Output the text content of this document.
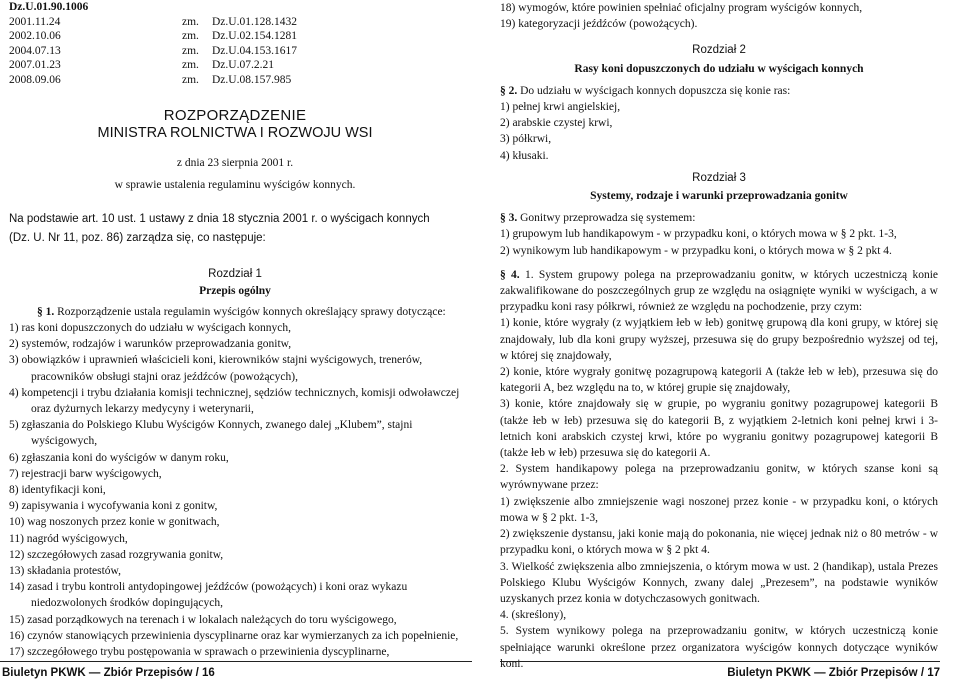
Dz.U.01.90.1006
2001.11.24	zm.	Dz.U.01.128.1432
2002.10.06	zm.	Dz.U.02.154.1281
2004.07.13	zm.	Dz.U.04.153.1617
2007.01.23	zm.	Dz.U.07.2.21
2008.09.06	zm.	Dz.U.08.157.985
ROZPORZĄDZENIE
MINISTRA ROLNICTWA I ROZWOJU WSI
z dnia 23 sierpnia 2001 r.
w sprawie ustalenia regulaminu wyścigów konnych.
Na podstawie art. 10 ust. 1 ustawy z dnia 18 stycznia 2001 r. o wyścigach konnych
(Dz. U. Nr 11, poz. 86) zarządza się, co następuje:
Rozdział 1
Przepis ogólny
§ 1. Rozporządzenie ustala regulamin wyścigów konnych określający sprawy dotyczące:
1) ras koni dopuszczonych do udziału w wyścigach konnych,
2) systemów, rodzajów i warunków przeprowadzania gonitw,
3) obowiązków i uprawnień właścicieli koni, kierowników stajni wyścigowych, trenerów, pracowników obsługi stajni oraz jeźdźców (powożących),
4) kompetencji i trybu działania komisji technicznej, sędziów technicznych, komisji odwoławczej oraz dyżurnych lekarzy medycyny i weterynarii,
5) zgłaszania do Polskiego Klubu Wyścigów Konnych, zwanego dalej „Klubem”, stajni wyścigowych,
6) zgłaszania koni do wyścigów w danym roku,
7) rejestracji barw wyścigowych,
8) identyfikacji koni,
9) zapisywania i wycofywania koni z gonitw,
10) wag noszonych przez konie w gonitwach,
11) nagród wyścigowych,
12) szczegółowych zasad rozgrywania gonitw,
13) składania protestów,
14) zasad i trybu kontroli antydopingowej jeźdźców (powożących) i koni oraz wykazu niedozwolonych środków dopingujących,
15) zasad porządkowych na terenach i w lokalach należących do toru wyścigowego,
16) czynów stanowiących przewinienia dyscyplinarne oraz kar wymierzanych za ich popełnienie,
17) szczegółowego trybu postępowania w sprawach o przewinienia dyscyplinarne,
Biuletyn PKWK — Zbiór Przepisów / 16
18) wymogów, które powinien spełniać oficjalny program wyścigów konnych,
19) kategoryzacji jeźdźców (powożących).
Rozdział 2
Rasy koni dopuszczonych do udziału w wyścigach konnych
§ 2. Do udziału w wyścigach konnych dopuszcza się konie ras:
1) pełnej krwi angielskiej,
2) arabskie czystej krwi,
3) półkrwi,
4) kłusaki.
Rozdział 3
Systemy, rodzaje i warunki przeprowadzania gonitw
§ 3. Gonitwy przeprowadza się systemem:
1) grupowym lub handikapowym - w przypadku koni, o których mowa w § 2 pkt. 1-3,
2) wynikowym lub handikapowym - w przypadku koni, o których mowa w § 2 pkt 4.
§ 4. 1. System grupowy polega na przeprowadzaniu gonitw, w których uczestniczą konie zakwalifikowane do poszczególnych grup ze względu na osiągnięte wyniki w wyścigach, a w przypadku koni rasy półkrwi, również ze względu na pochodzenie, przy czym:
1) konie, które wygrały (z wyjątkiem łeb w łeb) gonitwę grupową dla koni grupy, w której się znajdowały, lub dla koni grupy wyższej, przesuwa się do grupy bezpośrednio wyższej od tej, w której się znajdowały,
2) konie, które wygrały gonitwę pozagrupową kategorii A (także łeb w łeb), przesuwa się do kategorii A, bez względu na to, w której grupie się znajdowały,
3) konie, które znajdowały się w grupie, po wygraniu gonitwy pozagrupowej kategorii B (także łeb w łeb) przesuwa się do kategorii B, z wyjątkiem 2-letnich koni pełnej krwi i 3-letnich koni arabskich czystej krwi, które po wygraniu gonitwy pozagrupowej kategorii B (także łeb w łeb) przesuwa się do kategorii A.
2. System handikapowy polega na przeprowadzaniu gonitw, w których szanse koni są wyrównywane przez:
1) zwiększenie albo zmniejszenie wagi noszonej przez konie - w przypadku koni, o których mowa w § 2 pkt. 1-3,
2) zwiększenie dystansu, jaki konie mają do pokonania, nie więcej jednak niż o 80 metrów - w przypadku koni, o których mowa w § 2 pkt 4.
3. Wielkość zwiększenia albo zmniejszenia, o którym mowa w ust. 2 (handikap), ustala Prezes Polskiego Klubu Wyścigów Konnych, zwany dalej „Prezesem”, na podstawie wyników uzyskanych przez konia w dotychczasowych gonitwach.
4. (skreślony),
5. System wynikowy polega na przeprowadzaniu gonitw, w których uczestniczą konie spełniające warunki określone przez organizatora wyścigów konnych dotyczące wyników koni.
Biuletyn PKWK — Zbiór Przepisów / 17
